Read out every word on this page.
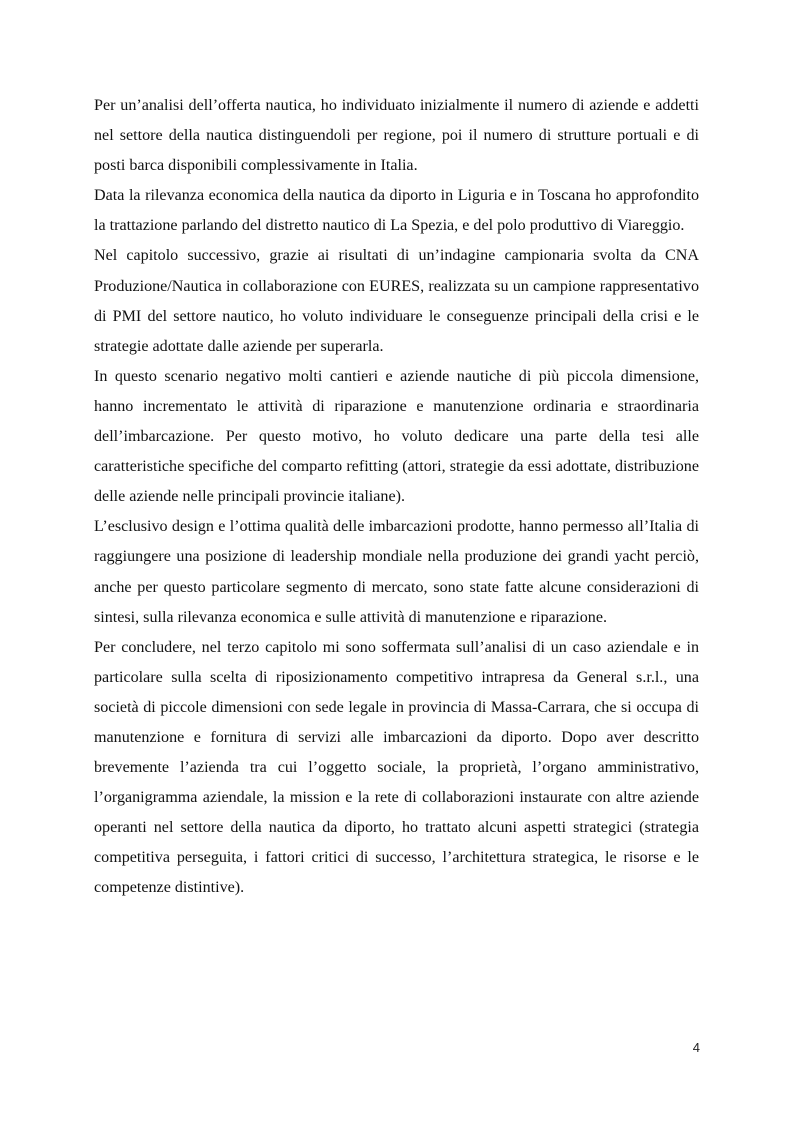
Per un’analisi dell’offerta nautica, ho individuato inizialmente il numero di aziende e addetti nel settore della nautica distinguendoli per regione, poi il numero di strutture portuali e di posti barca disponibili complessivamente in Italia.

Data la rilevanza economica della nautica da diporto in Liguria e in Toscana ho approfondito la trattazione parlando del distretto nautico di La Spezia, e del polo produttivo di Viareggio.

Nel capitolo successivo, grazie ai risultati di un’indagine campionaria svolta da CNA Produzione/Nautica in collaborazione con EURES, realizzata su un campione rappresentativo di PMI del settore nautico, ho voluto individuare le conseguenze principali della crisi e le strategie adottate dalle aziende per superarla.

In questo scenario negativo molti cantieri e aziende nautiche di più piccola dimensione, hanno incrementato le attività di riparazione e manutenzione ordinaria e straordinaria dell’imbarcazione. Per questo motivo, ho voluto dedicare una parte della tesi alle caratteristiche specifiche del comparto refitting (attori, strategie da essi adottate, distribuzione delle aziende nelle principali provincie italiane).

L’esclusivo design e l’ottima qualità delle imbarcazioni prodotte, hanno permesso all’Italia di raggiungere una posizione di leadership mondiale nella produzione dei grandi yacht perciò, anche per questo particolare segmento di mercato, sono state fatte alcune considerazioni di sintesi, sulla rilevanza economica e sulle attività di manutenzione e riparazione.

Per concludere, nel terzo capitolo mi sono soffermata sull’analisi di un caso aziendale e in particolare sulla scelta di riposizionamento competitivo intrapresa da General s.r.l., una società di piccole dimensioni con sede legale in provincia di Massa-Carrara, che si occupa di manutenzione e fornitura di servizi alle imbarcazioni da diporto. Dopo aver descritto brevemente l’azienda tra cui l’oggetto sociale, la proprietà, l’organo amministrativo, l’organigramma aziendale, la mission e la rete di collaborazioni instaurate con altre aziende operanti nel settore della nautica da diporto, ho trattato alcuni aspetti strategici (strategia competitiva perseguita, i fattori critici di successo, l’architettura strategica, le risorse e le competenze distintive).

4
